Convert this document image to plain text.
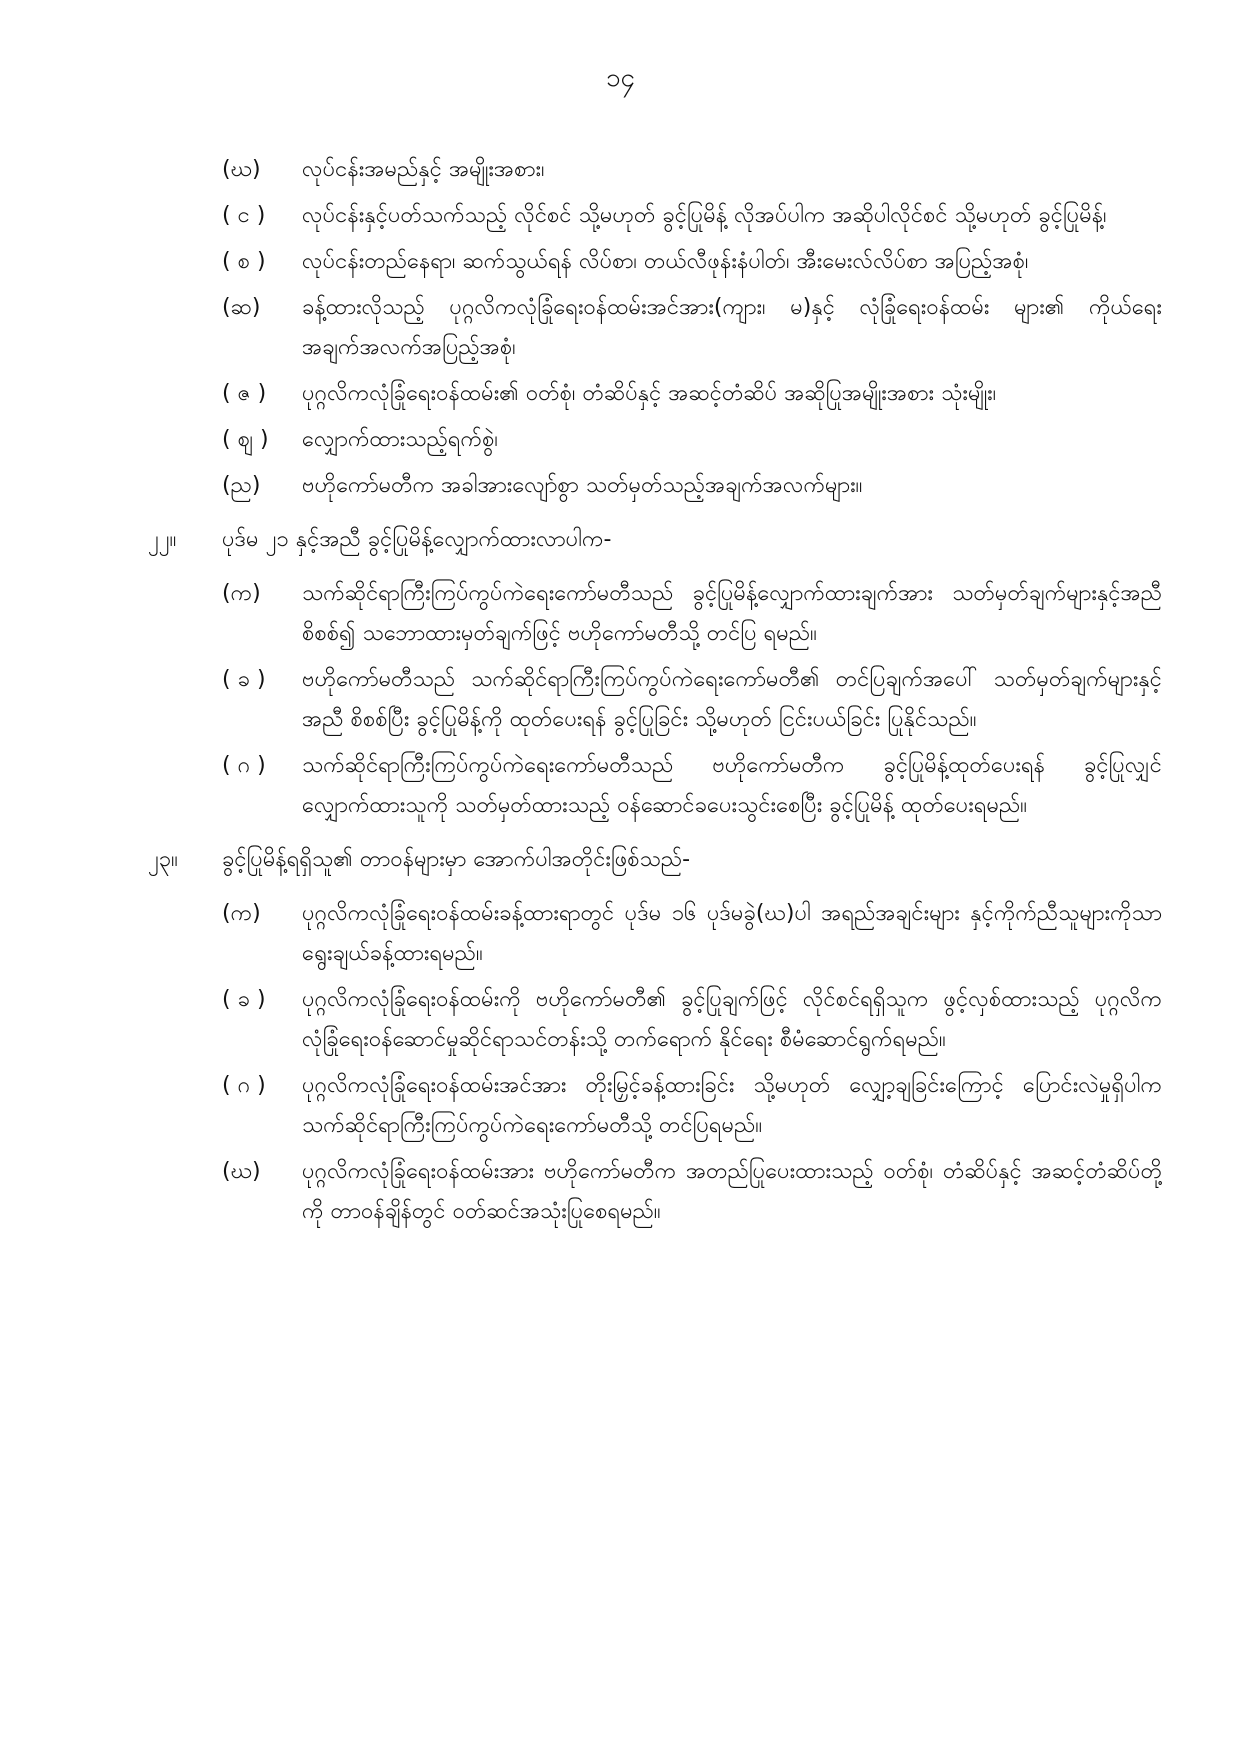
၁၄
(ဃ)	လုပ်ငန်းအမည်နှင့် အမျိုးအစား၊
( င )	လုပ်ငန်းနှင့်ပတ်သက်သည့် လိုင်စင် သို့မဟုတ် ခွင့်ပြုမိန့် လိုအပ်ပါက အဆိုပါလိုင်စင် သို့မဟုတ် ခွင့်ပြုမိန့်၊
( စ )	လုပ်ငန်းတည်နေရာ၊ ဆက်သွယ်ရန် လိပ်စာ၊ တယ်လီဖုန်းနံပါတ်၊ အီးမေးလ်လိပ်စာ အပြည့်အစုံ၊
(ဆ)	ခန့်ထားလိုသည့် ပုဂ္ဂလိကလုံခြုံရေးဝန်ထမ်းအင်အား(ကျား၊ မ)နှင့် လုံခြုံရေးဝန်ထမ်း များ၏ ကိုယ်ရေးအချက်အလက်အပြည့်အစုံ၊
( ဇ )	ပုဂ္ဂလိကလုံခြုံရေးဝန်ထမ်း၏ ဝတ်စုံ၊ တံဆိပ်နှင့် အဆင့်တံဆိပ် အဆိုပြုအမျိုးအစား သုံးမျိုး၊
( ဈ )	လျှောက်ထားသည့်ရက်စွဲ၊
(ည)	ဗဟိုကော်မတီက အခါအားလျော်စွာ သတ်မှတ်သည့်အချက်အလက်များ။
၂၂။ ပုဒ်မ ၂၁ နှင့်အညီ ခွင့်ပြုမိန့်လျှောက်ထားလာပါက-
(က)	သက်ဆိုင်ရာကြီးကြပ်ကွပ်ကဲရေးကော်မတီသည် ခွင့်ပြုမိန့်လျှောက်ထားချက်အား သတ်မှတ်ချက်များနှင့်အညီ စိစစ်၍ သဘောထားမှတ်ချက်ဖြင့် ဗဟိုကော်မတီသို့ တင်ပြ ရမည်။
( ခ )	ဗဟိုကော်မတီသည် သက်ဆိုင်ရာကြီးကြပ်ကွပ်ကဲရေးကော်မတီ၏ တင်ပြချက်အပေါ် သတ်မှတ်ချက်များနှင့်အညီ စိစစ်ပြီး ခွင့်ပြုမိန့်ကို ထုတ်ပေးရန် ခွင့်ပြုခြင်း သို့မဟုတ် ငြင်းပယ်ခြင်း ပြုနိုင်သည်။
( ဂ )	သက်ဆိုင်ရာကြီးကြပ်ကွပ်ကဲရေးကော်မတီသည် ဗဟိုကော်မတီက ခွင့်ပြုမိန့်ထုတ်ပေးရန် ခွင့်ပြုလျှင် လျှောက်ထားသူကို သတ်မှတ်ထားသည့် ဝန်ဆောင်ခပေးသွင်းစေပြီး ခွင့်ပြုမိန့် ထုတ်ပေးရမည်။
၂၃။ ခွင့်ပြုမိန့်ရရှိသူ၏ တာဝန်များမှာ အောက်ပါအတိုင်းဖြစ်သည်-
(က)	ပုဂ္ဂလိကလုံခြုံရေးဝန်ထမ်းခန့်ထားရာတွင် ပုဒ်မ ၁၆ ပုဒ်မခွဲ(ဃ)ပါ အရည်အချင်းများ နှင့်ကိုက်ညီသူများကိုသာ ရွေးချယ်ခန့်ထားရမည်။
( ခ )	ပုဂ္ဂလိကလုံခြုံရေးဝန်ထမ်းကို ဗဟိုကော်မတီ၏ ခွင့်ပြုချက်ဖြင့် လိုင်စင်ရရှိသူက ဖွင့်လှစ်ထားသည့် ပုဂ္ဂလိကလုံခြုံရေးဝန်ဆောင်မှုဆိုင်ရာသင်တန်းသို့ တက်ရောက် နိုင်ရေး စီမံဆောင်ရွက်ရမည်။
( ဂ )	ပုဂ္ဂလိကလုံခြုံရေးဝန်ထမ်းအင်အား တိုးမြှင့်ခန့်ထားခြင်း သို့မဟုတ် လျှော့ချခြင်းကြောင့် ပြောင်းလဲမှုရှိပါက သက်ဆိုင်ရာကြီးကြပ်ကွပ်ကဲရေးကော်မတီသို့ တင်ပြရမည်။
(ဃ)	ပုဂ္ဂလိကလုံခြုံရေးဝန်ထမ်းအား ဗဟိုကော်မတီက အတည်ပြုပေးထားသည့် ဝတ်စုံ၊ တံဆိပ်နှင့် အဆင့်တံဆိပ်တို့ကို တာဝန်ချိန်တွင် ဝတ်ဆင်အသုံးပြုစေရမည်။
